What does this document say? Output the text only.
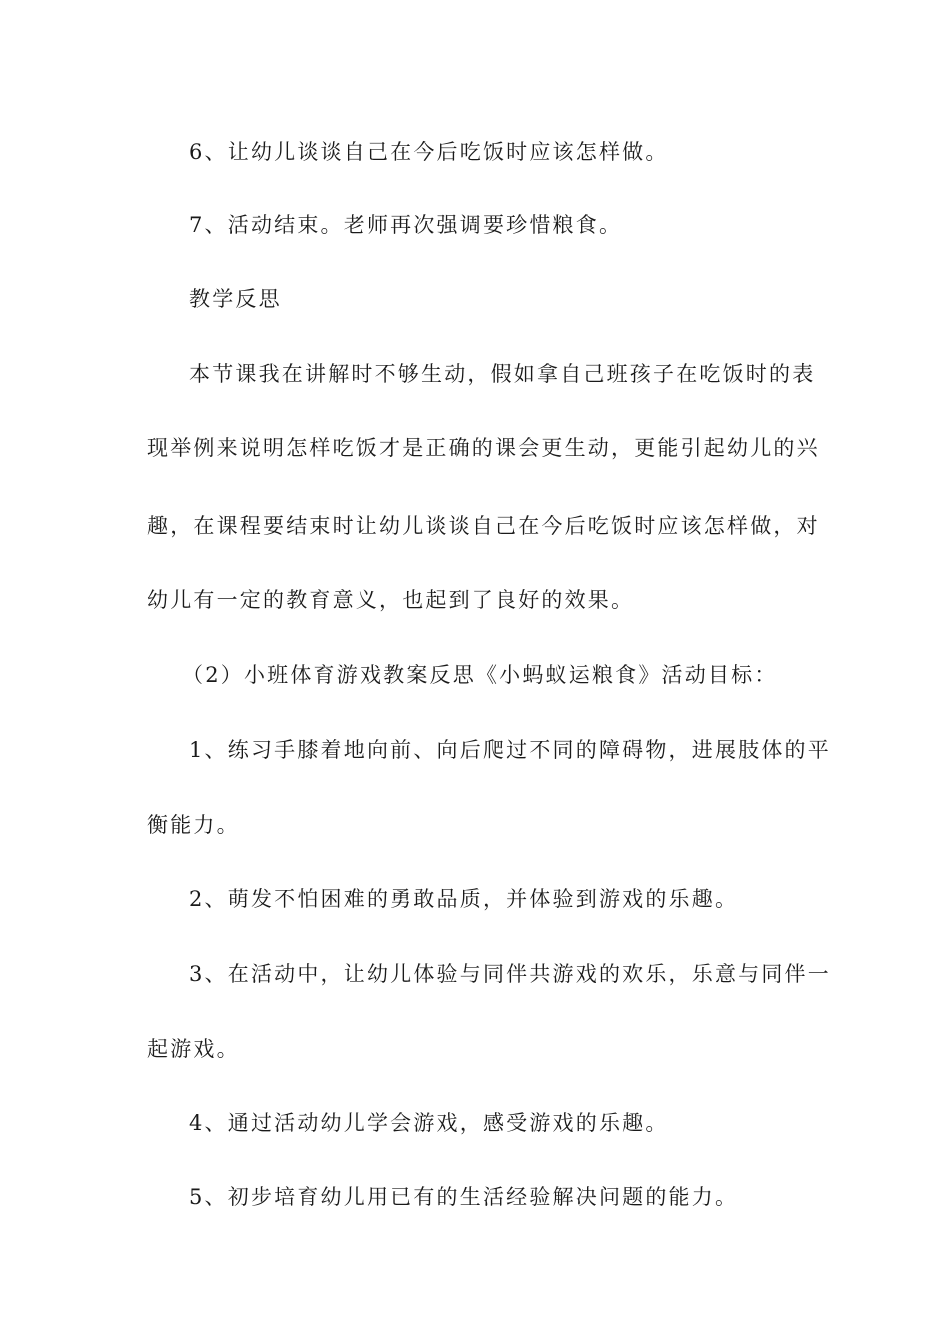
6、让幼儿谈谈自己在今后吃饭时应该怎样做。

7、活动结束。老师再次强调要珍惜粮食。

教学反思

本节课我在讲解时不够生动，假如拿自己班孩子在吃饭时的表

现举例来说明怎样吃饭才是正确的课会更生动，更能引起幼儿的兴

趣，在课程要结束时让幼儿谈谈自己在今后吃饭时应该怎样做，对

幼儿有一定的教育意义，也起到了良好的效果。

（2）小班体育游戏教案反思《小蚂蚁运粮食》活动目标：

1、练习手膝着地向前、向后爬过不同的障碍物，进展肢体的平

衡能力。

2、萌发不怕困难的勇敢品质，并体验到游戏的乐趣。

3、在活动中，让幼儿体验与同伴共游戏的欢乐，乐意与同伴一

起游戏。

4、通过活动幼儿学会游戏，感受游戏的乐趣。

5、初步培育幼儿用已有的生活经验解决问题的能力。
